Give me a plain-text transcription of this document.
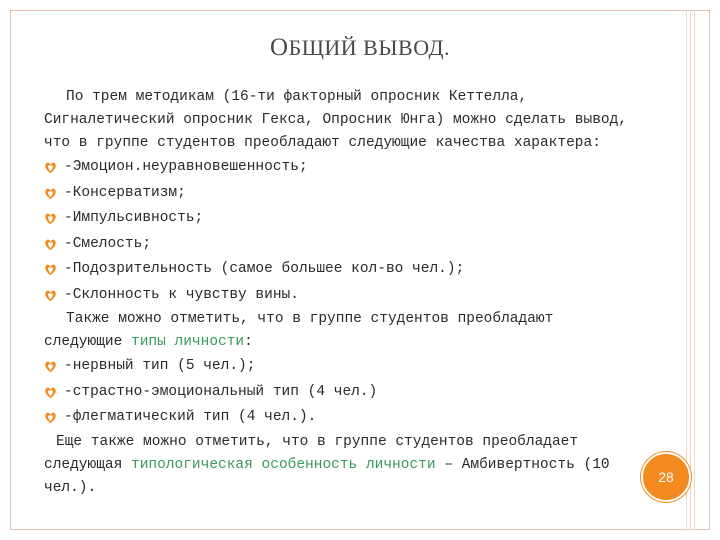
ОБЩИЙ ВЫВОД.

По трем методикам (16-ти факторный опросник Кеттелла, Сигналетический опросник Гекса, Опросник Юнга) можно сделать вывод, что в группе студентов преобладают следующие качества характера:

-Эмоцион.неуравновешенность;
-Консерватизм;
-Импульсивность;
-Смелость;
-Подозрительность (самое большее кол-во чел.);
-Склонность к чувству вины.

Также можно отметить, что в группе студентов преобладают следующие типы личности:

-нервный тип (5 чел.);
-страстно-эмоциональный тип (4 чел.)
-флегматический тип (4 чел.).

Еще также можно отметить, что в группе студентов преобладает следующая типологическая особенность личности – Амбивертность (10 чел.).

28
